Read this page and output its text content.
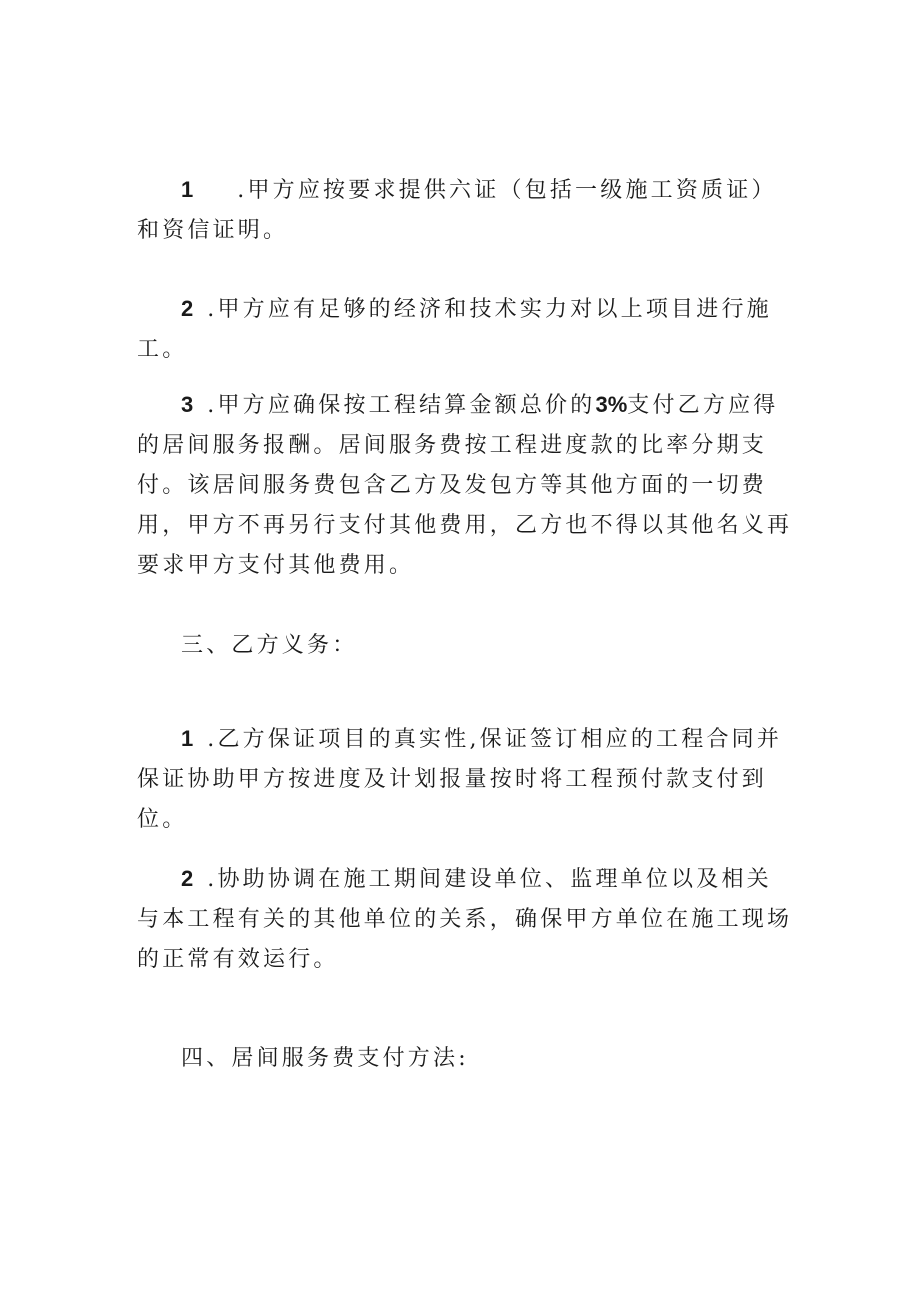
1 .甲方应按要求提供六证（包括一级施工资质证）和资信证明。

2 .甲方应有足够的经济和技术实力对以上项目进行施工。

3 .甲方应确保按工程结算金额总价的3%支付乙方应得的居间服务报酬。居间服务费按工程进度款的比率分期支付。该居间服务费包含乙方及发包方等其他方面的一切费用，甲方不再另行支付其他费用，乙方也不得以其他名义再要求甲方支付其他费用。

三、乙方义务：

1 .乙方保证项目的真实性,保证签订相应的工程合同并保证协助甲方按进度及计划报量按时将工程预付款支付到位。

2 .协助协调在施工期间建设单位、监理单位以及相关与本工程有关的其他单位的关系，确保甲方单位在施工现场的正常有效运行。

四、居间服务费支付方法:
